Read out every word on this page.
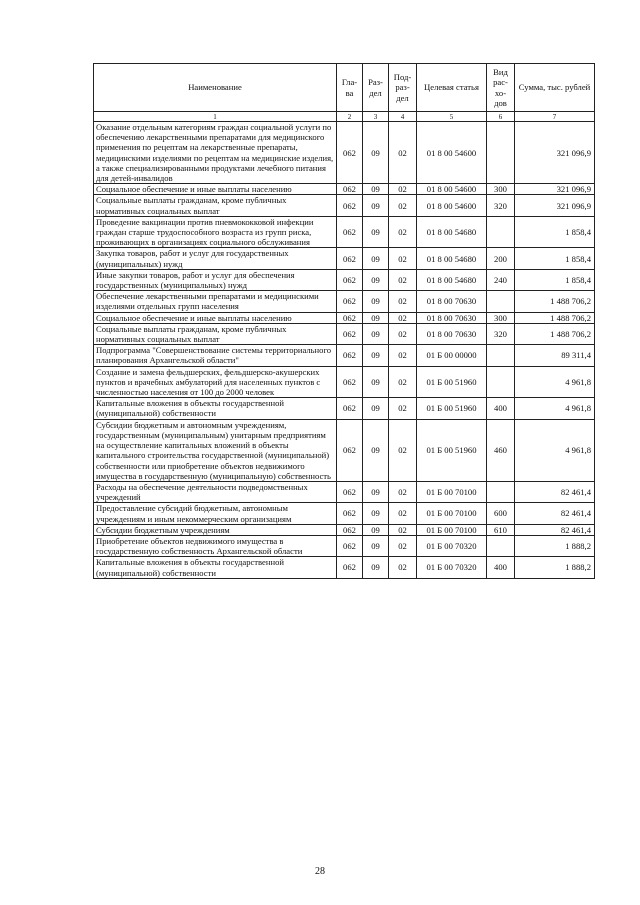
Наименование	Гла-ва	Раз-дел	Под-раз-дел	Целевая статья	Вид рас-хо-дов	Сумма, тыс. рублей
1	2	3	4	5	6	7
Оказание отдельным категориям граждан социальной услуги по обеспечению лекарственными препаратами для медицинского применения по рецептам на лекарственные препараты, медицинскими изделиями по рецептам на медицинские изделия, а также специализированными продуктами лечебного питания для детей-инвалидов	062	09	02	01 8 00 54600		321 096,9
Социальное обеспечение и иные выплаты населению	062	09	02	01 8 00 54600	300	321 096,9
Социальные выплаты гражданам, кроме публичных нормативных социальных выплат	062	09	02	01 8 00 54600	320	321 096,9
Проведение вакцинации против пневмококковой инфекции граждан старше трудоспособного возраста из групп риска, проживающих в организациях социального обслуживания	062	09	02	01 8 00 54680		1 858,4
Закупка товаров, работ и услуг для государственных (муниципальных) нужд	062	09	02	01 8 00 54680	200	1 858,4
Иные закупки товаров, работ и услуг для обеспечения государственных (муниципальных) нужд	062	09	02	01 8 00 54680	240	1 858,4
Обеспечение лекарственными препаратами и медицинскими изделиями отдельных групп населения	062	09	02	01 8 00 70630		1 488 706,2
Социальное обеспечение и иные выплаты населению	062	09	02	01 8 00 70630	300	1 488 706,2
Социальные выплаты гражданам, кроме публичных нормативных социальных выплат	062	09	02	01 8 00 70630	320	1 488 706,2
Подпрограмма "Совершенствование системы территориального планирования Архангельской области"	062	09	02	01 Б 00 00000		89 311,4
Создание и замена фельдшерских, фельдшерско-акушерских пунктов и врачебных амбулаторий для населенных пунктов с численностью населения от 100 до 2000 человек	062	09	02	01 Б 00 51960		4 961,8
Капитальные вложения в объекты государственной (муниципальной) собственности	062	09	02	01 Б 00 51960	400	4 961,8
Субсидии бюджетным и автономным учреждениям, государственным (муниципальным) унитарным предприятиям на осуществление капитальных вложений в объекты капитального строительства государственной (муниципальной) собственности или приобретение объектов недвижимого имущества в государственную (муниципальную) собственность	062	09	02	01 Б 00 51960	460	4 961,8
Расходы на обеспечение деятельности подведомственных учреждений	062	09	02	01 Б 00 70100		82 461,4
Предоставление субсидий бюджетным, автономным учреждениям и иным некоммерческим организациям	062	09	02	01 Б 00 70100	600	82 461,4
Субсидии бюджетным учреждениям	062	09	02	01 Б 00 70100	610	82 461,4
Приобретение объектов недвижимого имущества в государственную собственность Архангельской области	062	09	02	01 Б 00 70320		1 888,2
Капитальные вложения в объекты государственной (муниципальной) собственности	062	09	02	01 Б 00 70320	400	1 888,2
28
